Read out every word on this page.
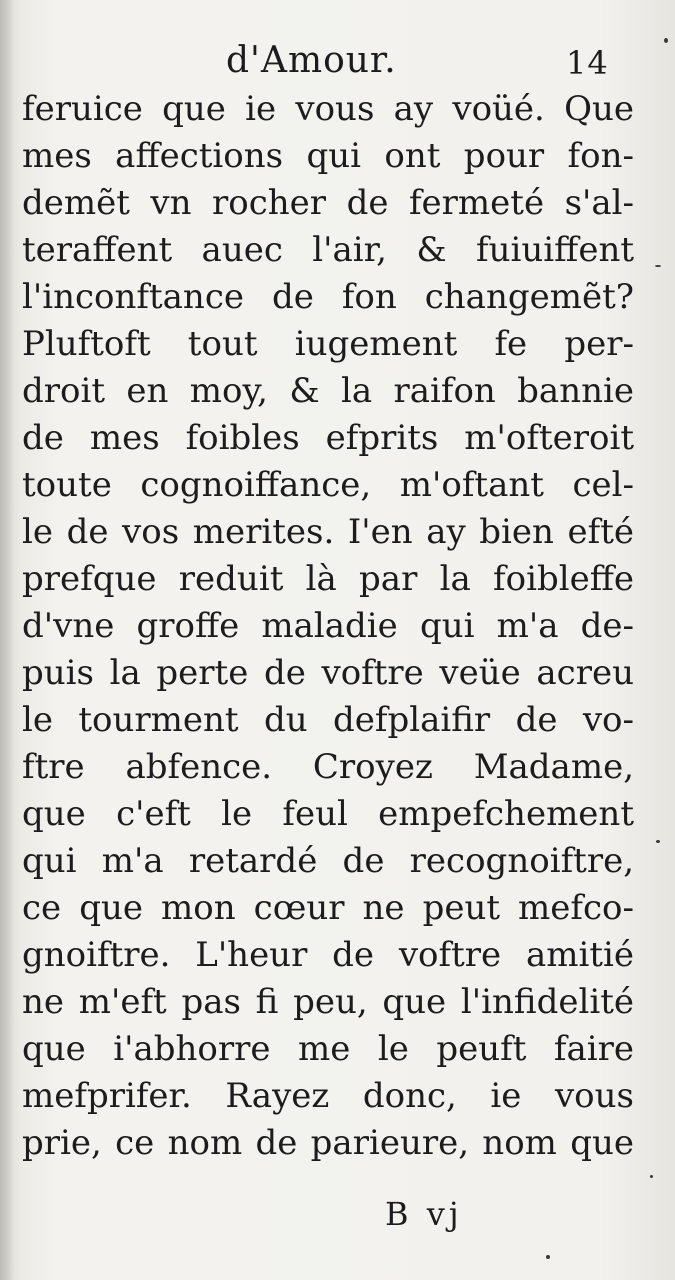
d'Amour.	14
feruice que ie vous ay voüé. Que
mes affections qui ont pour fon-
demẽt vn rocher de fermeté s'al-
teraffent auec l'air, & fuiuiffent
l'inconftance de fon changemẽt?
Pluftoft tout iugement fe per-
droit en moy, & la raifon bannie
de mes foibles efprits m'ofteroit
toute cognoiffance, m'oftant cel-
le de vos merites. I'en ay bien efté
prefque reduit là par la foibleffe
d'vne groffe maladie qui m'a de-
puis la perte de voftre veüe acreu
le tourment du defplaifir de vo-
ftre abfence. Croyez Madame,
que c'eft le feul empefchement
qui m'a retardé de recognoiftre,
ce que mon cœur ne peut mefco-
gnoiftre. L'heur de voftre amitié
ne m'eft pas fi peu, que l'infidelité
que i'abhorre me le peuft faire
mefprifer. Rayez donc, ie vous
prie, ce nom de parieure, nom que
B vj
